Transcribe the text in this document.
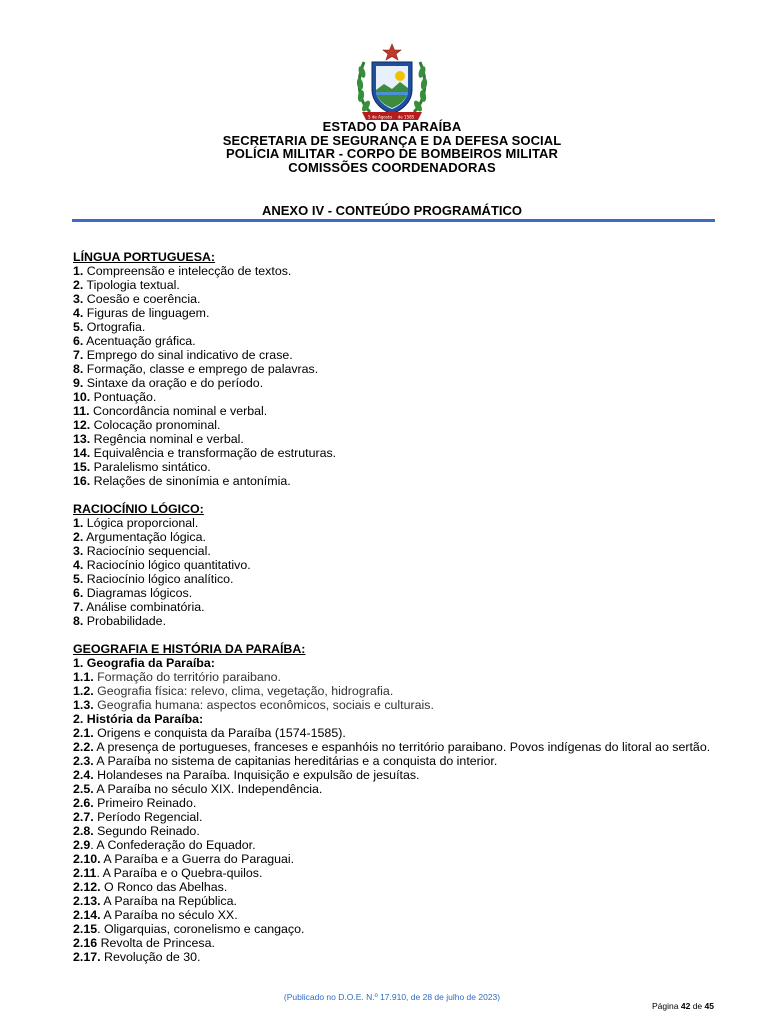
5 de Agosto de 1585
ESTADO DA PARAÍBA
SECRETARIA DE SEGURANÇA E DA DEFESA SOCIAL
POLÍCIA MILITAR - CORPO DE BOMBEIROS MILITAR
COMISSÕES COORDENADORAS
ANEXO IV - CONTEÚDO PROGRAMÁTICO
LÍNGUA PORTUGUESA:
1. Compreensão e intelecção de textos.
2. Tipologia textual.
3. Coesão e coerência.
4. Figuras de linguagem.
5. Ortografia.
6. Acentuação gráfica.
7. Emprego do sinal indicativo de crase.
8. Formação, classe e emprego de palavras.
9. Sintaxe da oração e do período.
10. Pontuação.
11. Concordância nominal e verbal.
12. Colocação pronominal.
13. Regência nominal e verbal.
14. Equivalência e transformação de estruturas.
15. Paralelismo sintático.
16. Relações de sinonímia e antonímia.
RACIOCÍNIO LÓGICO:
1. Lógica proporcional.
2. Argumentação lógica.
3. Raciocínio sequencial.
4. Raciocínio lógico quantitativo.
5. Raciocínio lógico analítico.
6. Diagramas lógicos.
7. Análise combinatória.
8. Probabilidade.
GEOGRAFIA E HISTÓRIA DA PARAÍBA:
1. Geografia da Paraíba:
1.1. Formação do território paraibano.
1.2. Geografia física: relevo, clima, vegetação, hidrografia.
1.3. Geografia humana: aspectos econômicos, sociais e culturais.
2. História da Paraíba:
2.1. Origens e conquista da Paraíba (1574-1585).
2.2. A presença de portugueses, franceses e espanhóis no território paraibano. Povos indígenas do litoral ao sertão.
2.3. A Paraíba no sistema de capitanias hereditárias e a conquista do interior.
2.4. Holandeses na Paraíba. Inquisição e expulsão de jesuítas.
2.5. A Paraíba no século XIX. Independência.
2.6. Primeiro Reinado.
2.7. Período Regencial.
2.8. Segundo Reinado.
2.9. A Confederação do Equador.
2.10. A Paraíba e a Guerra do Paraguai.
2.11. A Paraíba e o Quebra-quilos.
2.12. O Ronco das Abelhas.
2.13. A Paraíba na República.
2.14. A Paraíba no século XX.
2.15. Oligarquias, coronelismo e cangaço.
2.16 Revolta de Princesa.
2.17. Revolução de 30.
(Publicado no D.O.E. N.º 17.910, de 28 de julho de 2023)
Página 42 de 45
